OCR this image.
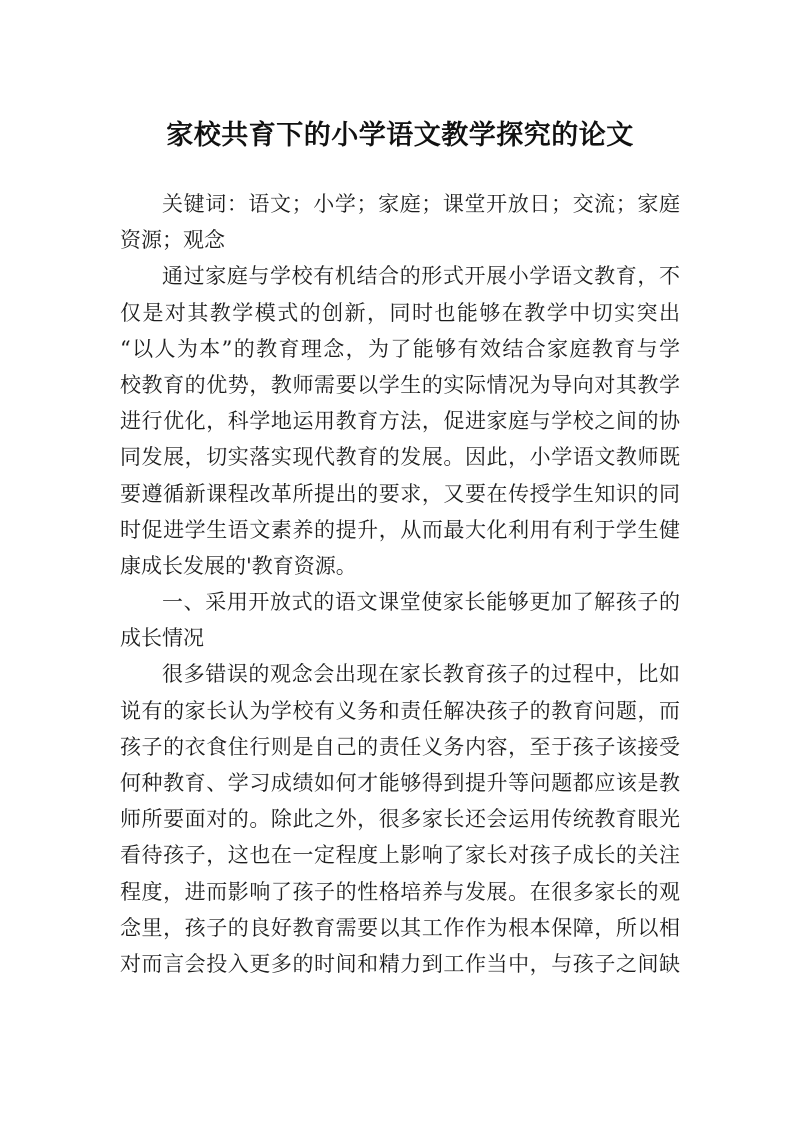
家校共育下的小学语文教学探究的论文
关键词：语文；小学；家庭；课堂开放日；交流；家庭
资源；观念
通过家庭与学校有机结合的形式开展小学语文教育，不
仅是对其教学模式的创新，同时也能够在教学中切实突出
“以人为本”的教育理念，为了能够有效结合家庭教育与学
校教育的优势，教师需要以学生的实际情况为导向对其教学
进行优化，科学地运用教育方法，促进家庭与学校之间的协
同发展，切实落实现代教育的发展。因此，小学语文教师既
要遵循新课程改革所提出的要求，又要在传授学生知识的同
时促进学生语文素养的提升，从而最大化利用有利于学生健
康成长发展的'教育资源。
一、采用开放式的语文课堂使家长能够更加了解孩子的
成长情况
很多错误的观念会出现在家长教育孩子的过程中，比如
说有的家长认为学校有义务和责任解决孩子的教育问题，而
孩子的衣食住行则是自己的责任义务内容，至于孩子该接受
何种教育、学习成绩如何才能够得到提升等问题都应该是教
师所要面对的。除此之外，很多家长还会运用传统教育眼光
看待孩子，这也在一定程度上影响了家长对孩子成长的关注
程度，进而影响了孩子的性格培养与发展。在很多家长的观
念里，孩子的良好教育需要以其工作作为根本保障，所以相
对而言会投入更多的时间和精力到工作当中，与孩子之间缺
